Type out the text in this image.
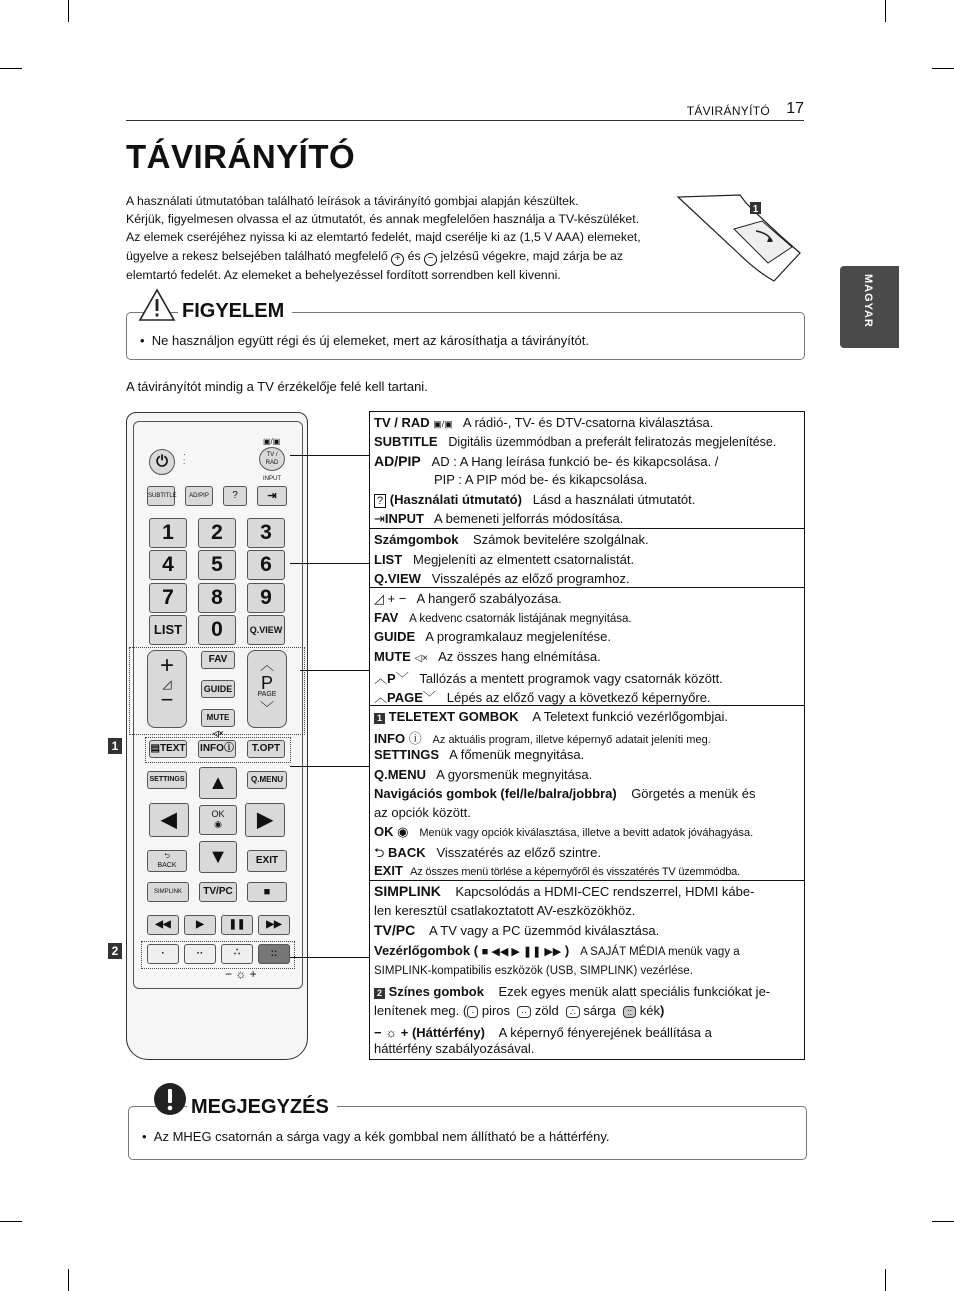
TÁVIRÁNYÍTÓ 17
MAGYAR
TÁVIRÁNYÍTÓ
A használati útmutatóban található leírások a távirányító gombjai alapján készültek.
Kérjük, figyelmesen olvassa el az útmutatót, és annak megfelelően használja a TV-készüléket.
Az elemek cseréjéhez nyissa ki az elemtartó fedelét, majd cserélje ki az (1,5 V AAA) elemeket,
ügyelve a rekesz belsejében található megfelelő + és − jelzésű végekre, majd zárja be az
elemtartó fedelét. Az elemeket a behelyezéssel fordított sorrendben kell kivenni.
1
FIGYELEM
•  Ne használjon együtt régi és új elemeket, mert az károsíthatja a távirányítót.
A távirányítót mindig a TV érzékelője felé kell tartani.
▣/▣
⏻	·
:
TV / RAD
INPUT
SUBTITLE	AD/PIP	?	⇥
1	2	3
4	5	6
7	8	9
LIST	0	Q.VIEW
+
◿
−
FAV
GUIDE
MUTE ◁×
︿
P
PAGE
﹀
▤TEXT INFOⓘ	T.OPT
SETTINGS	Q.MENU
▲
◀	OK
◉	▶
⮌
BACK	▼	EXIT
SIMPLINK	TV/PC	■
◀◀	▶	❚❚	▶▶
·	··	∴	::
− ☼ +
1
2
TV / RAD ▣/▣ A rádió-, TV- és DTV-csatorna kiválasztása.
SUBTITLE Digitális üzemmódban a preferált feliratozás megjelenítése.
AD/PIP AD : A Hang leírása funkció be- és kikapcsolása. /
PIP : A PIP mód be- és kikapcsolása.
? (Használati útmutató) Lásd a használati útmutatót.
⇥INPUT A bemeneti jelforrás módosítása.
Számgombok Számok bevitelére szolgálnak.
LIST Megjeleníti az elmentett csatornalistát.
Q.VIEW Visszalépés az előző programhoz.
◿ + − A hangerő szabályozása.
FAV A kedvenc csatornák listájának megnyitása.
GUIDE A programkalauz megjelenítése.
MUTE ◁× Az összes hang elnémítása.
︿P﹀ Tallózás a mentett programok vagy csatornák között.
︿PAGE﹀ Lépés az előző vagy a következő képernyőre.
1 TELETEXT GOMBOK A Teletext funkció vezérlőgombjai.
INFO ⓘ Az aktuális program, illetve képernyő adatait jeleníti meg.
SETTINGS A főmenük megnyitása.
Q.MENU A gyorsmenük megnyitása.
Navigációs gombok (fel/le/balra/jobbra) Görgetés a menük és
az opciók között.
OK ◉ Menük vagy opciók kiválasztása, illetve a bevitt adatok jóváhagyása.
⮌ BACK Visszatérés az előző szintre.
EXIT Az összes menü törlése a képernyőről és visszatérés TV üzemmódba.
SIMPLINK Kapcsolódás a HDMI-CEC rendszerrel, HDMI kábe-
len keresztül csatlakoztatott AV-eszközökhöz.
TV/PC A TV vagy a PC üzemmód kiválasztása.
Vezérlőgombok ( ■ ◀◀ ▶ ❚❚ ▶▶ ) A SAJÁT MÉDIA menük vagy a
SIMPLINK-kompatibilis eszközök (USB, SIMPLINK) vezérlése.
2 Színes gombok Ezek egyes menük alatt speciális funkciókat je-
lenítenek meg. ( · piros ·· zöld ∴ sárga :: kék)
− ☼ + (Háttérfény) A képernyő fényerejének beállítása a
háttérfény szabályozásával.
MEGJEGYZÉS
•  Az MHEG csatornán a sárga vagy a kék gombbal nem állítható be a háttérfény.
